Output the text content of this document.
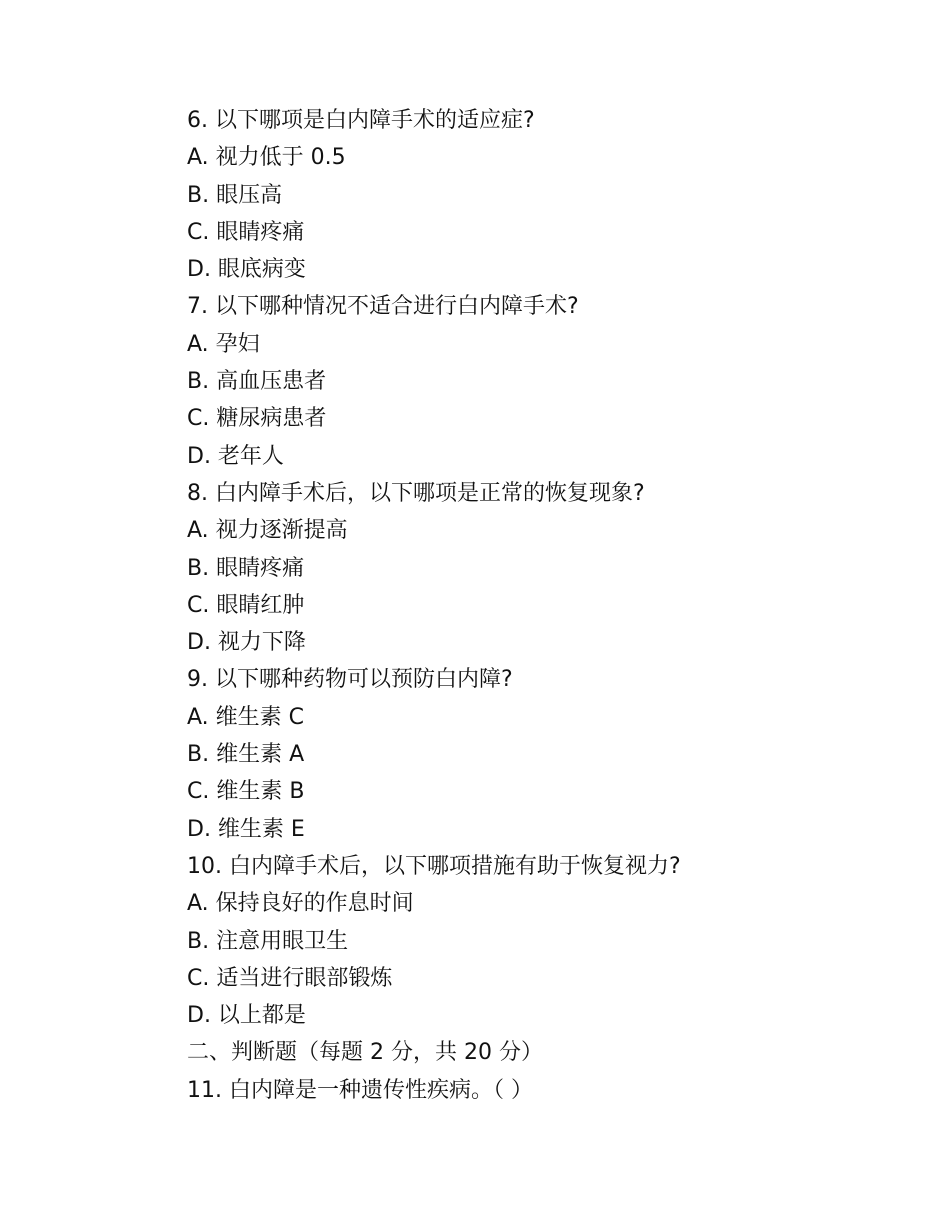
6. 以下哪项是白内障手术的适应症?
A. 视力低于 0.5
B. 眼压高
C. 眼睛疼痛
D. 眼底病变
7. 以下哪种情况不适合进行白内障手术?
A. 孕妇
B. 高血压患者
C. 糖尿病患者
D. 老年人
8. 白内障手术后，以下哪项是正常的恢复现象?
A. 视力逐渐提高
B. 眼睛疼痛
C. 眼睛红肿
D. 视力下降
9. 以下哪种药物可以预防白内障?
A. 维生素 C
B. 维生素 A
C. 维生素 B
D. 维生素 E
10. 白内障手术后，以下哪项措施有助于恢复视力?
A. 保持良好的作息时间
B. 注意用眼卫生
C. 适当进行眼部锻炼
D. 以上都是
二、判断题（每题 2 分，共 20 分）
11. 白内障是一种遗传性疾病。（ ）
